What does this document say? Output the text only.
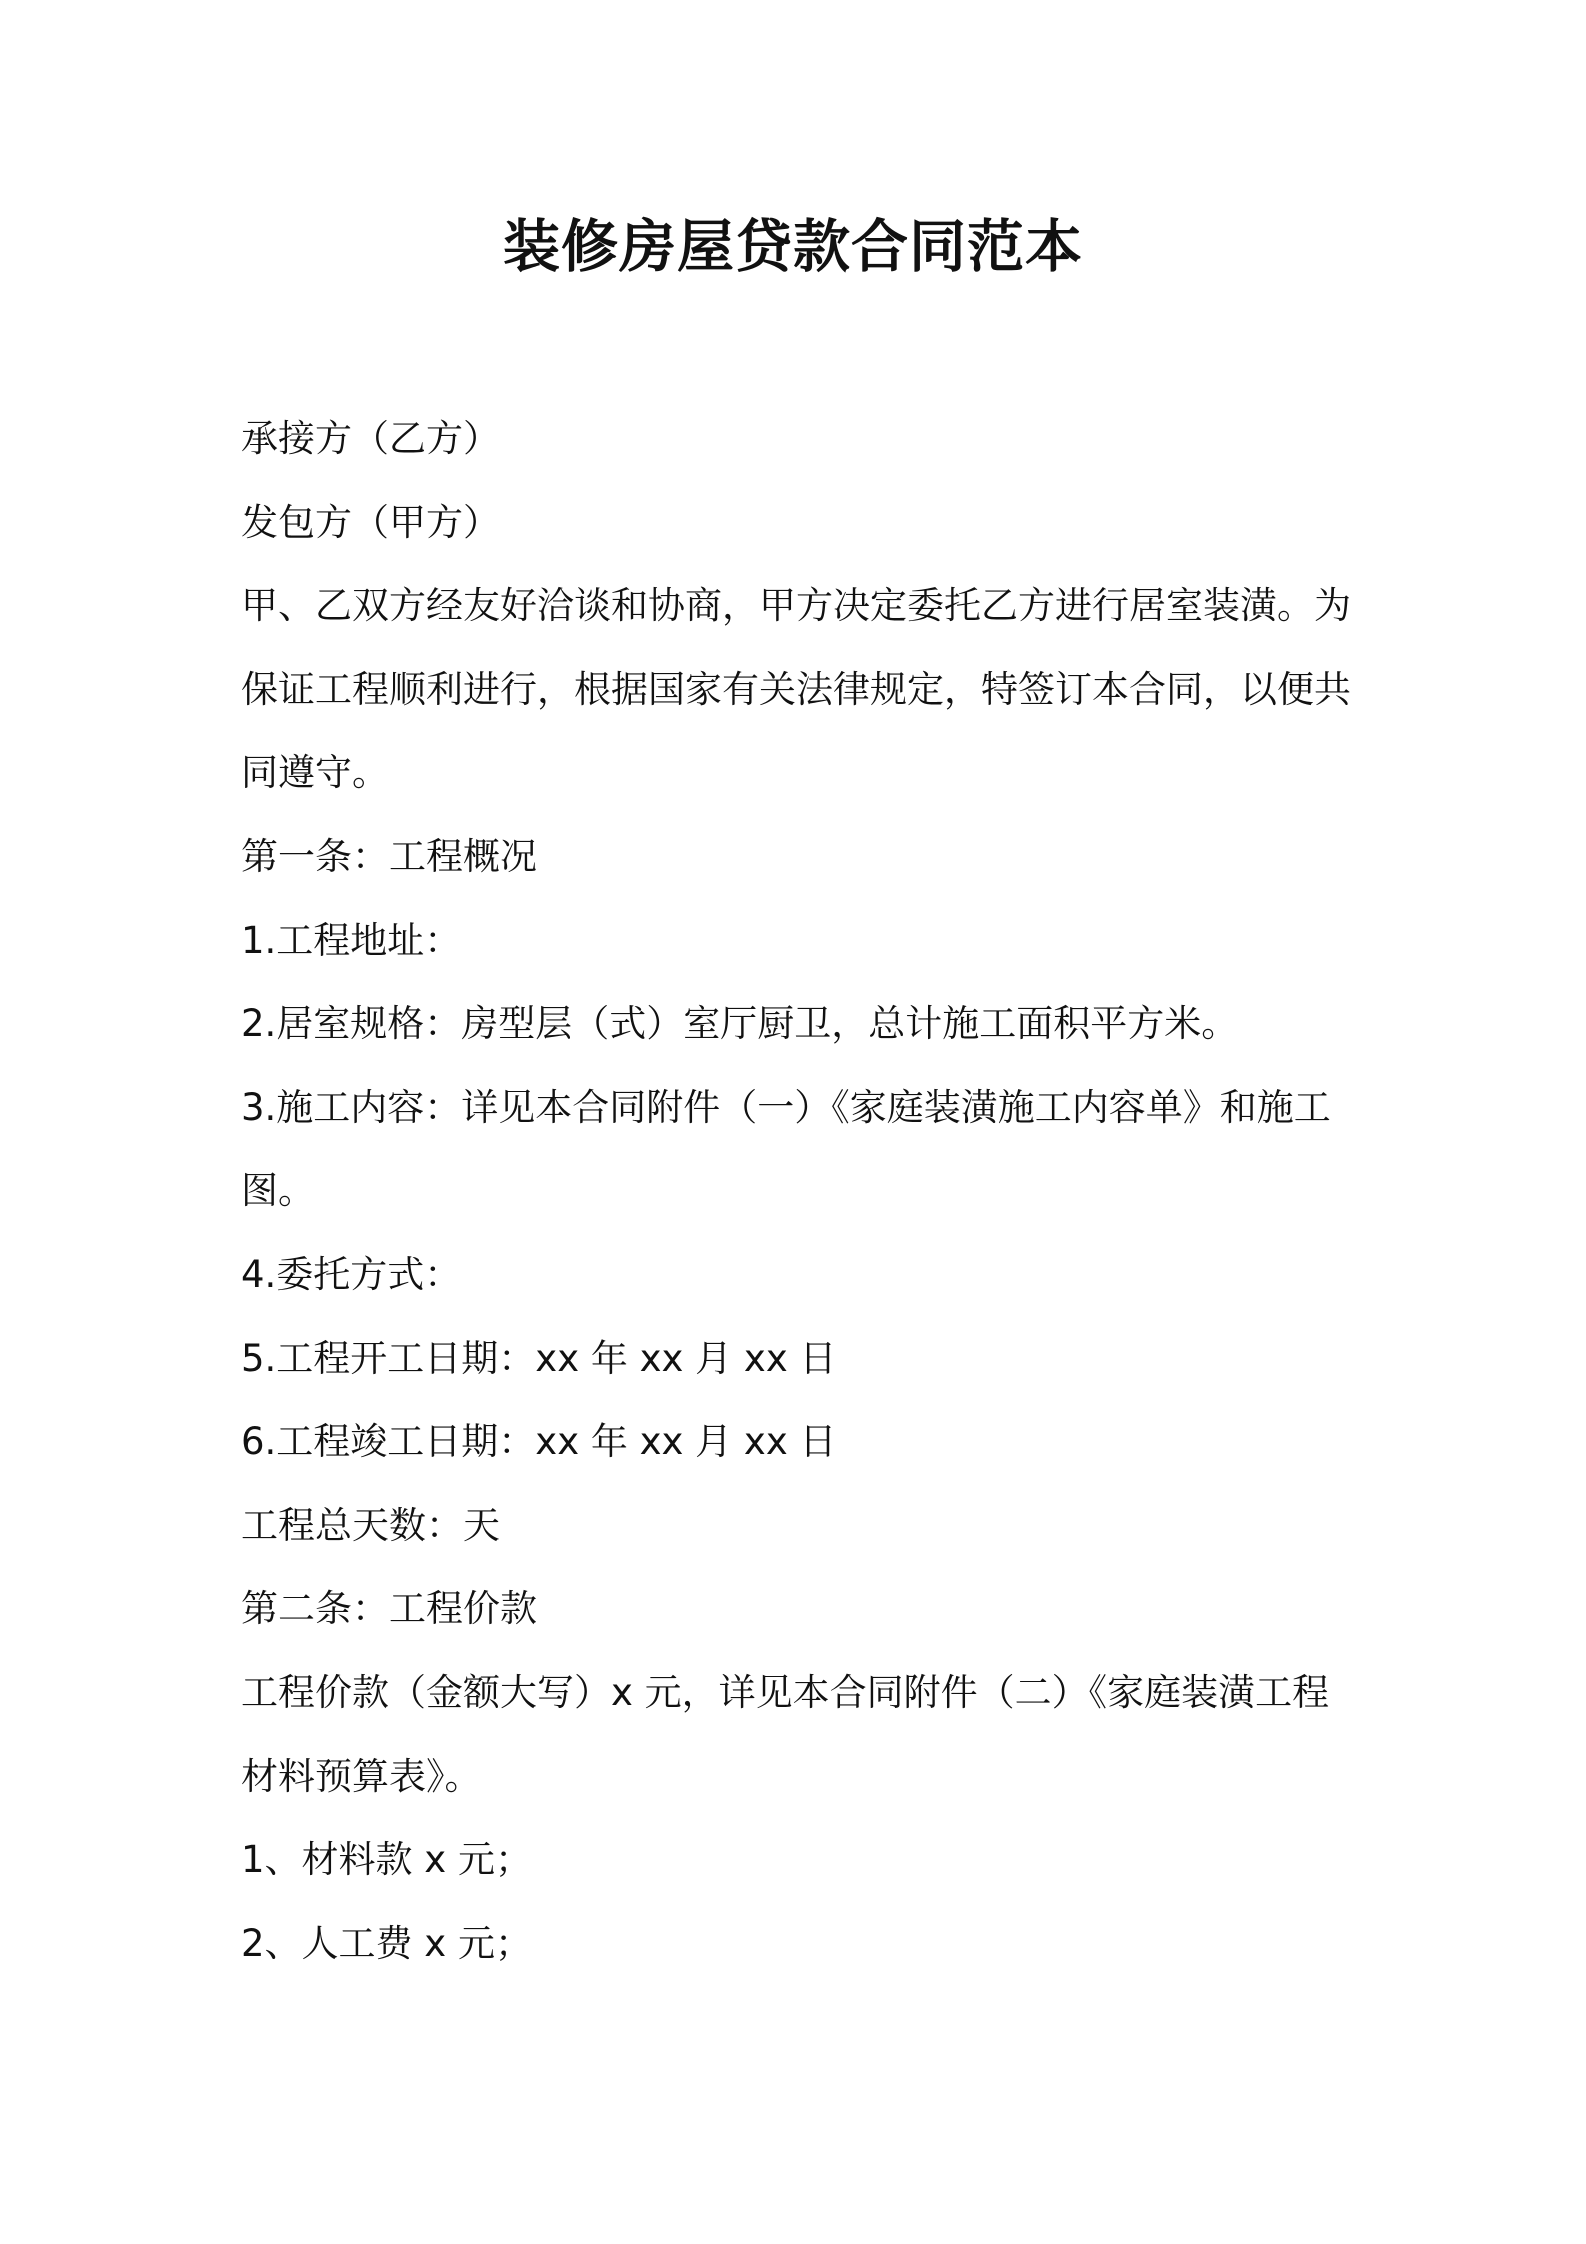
装修房屋贷款合同范本
承接方（乙方）
发包方（甲方）
甲、乙双方经友好洽谈和协商，甲方决定委托乙方进行居室装潢。为
保证工程顺利进行，根据国家有关法律规定，特签订本合同，以便共
同遵守。
第一条：工程概况
1.工程地址：
2.居室规格：房型层（式）室厅厨卫，总计施工面积平方米。
3.施工内容：详见本合同附件（一）《家庭装潢施工内容单》和施工
图。
4.委托方式：
5.工程开工日期：xx 年 xx 月 xx 日
6.工程竣工日期：xx 年 xx 月 xx 日
工程总天数：天
第二条：工程价款
工程价款（金额大写）x 元，详见本合同附件（二）《家庭装潢工程
材料预算表》。
1、材料款 x 元；
2、人工费 x 元；
